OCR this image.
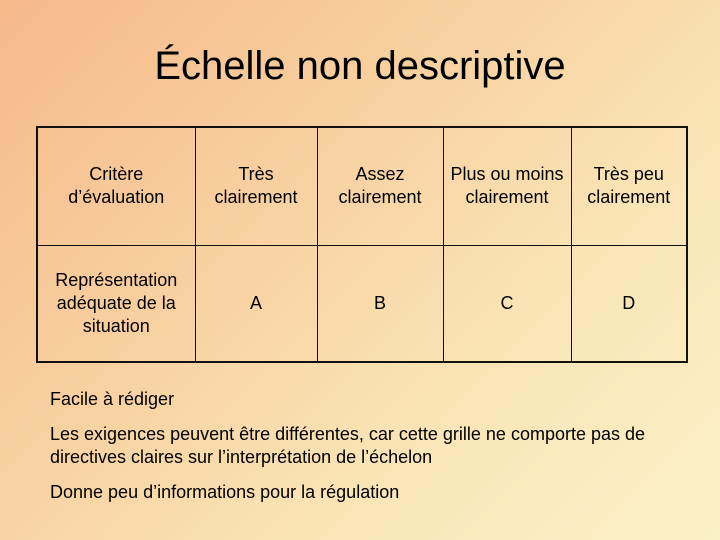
Échelle non descriptive
Critère d’évaluation	Très clairement	Assez clairement	Plus ou moins clairement	Très peu clairement
Représentation adéquate de la situation	A	B	C	D

Facile à rédiger

Les exigences peuvent être différentes, car cette grille ne comporte pas de directives claires sur l’interprétation de l’échelon

Donne peu d’informations pour la régulation
